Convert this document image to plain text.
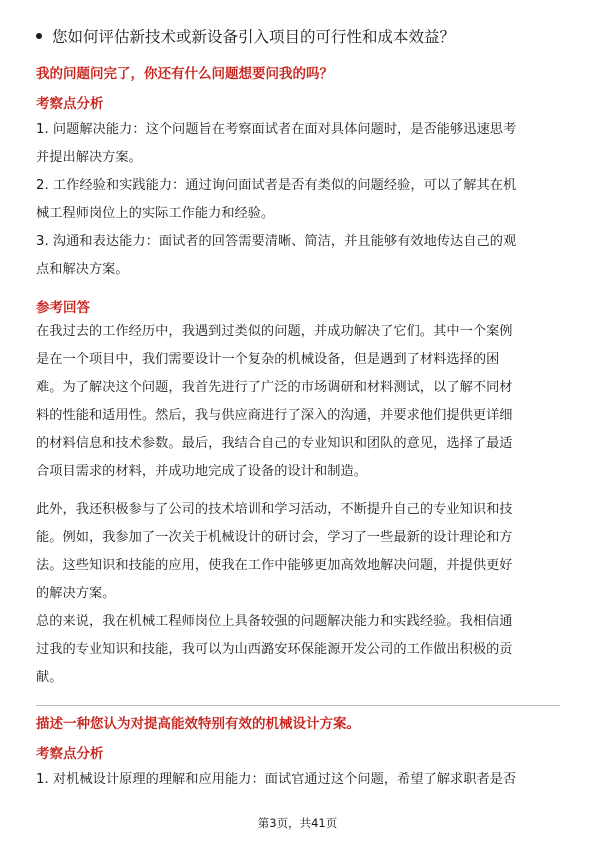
您如何评估新技术或新设备引入项目的可行性和成本效益？
我的问题问完了，你还有什么问题想要问我的吗？
考察点分析
1. 问题解决能力：这个问题旨在考察面试者在面对具体问题时，是否能够迅速思考
并提出解决方案。
2. 工作经验和实践能力：通过询问面试者是否有类似的问题经验，可以了解其在机
械工程师岗位上的实际工作能力和经验。
3. 沟通和表达能力：面试者的回答需要清晰、简洁，并且能够有效地传达自己的观
点和解决方案。
参考回答
在我过去的工作经历中，我遇到过类似的问题，并成功解决了它们。其中一个案例
是在一个项目中，我们需要设计一个复杂的机械设备，但是遇到了材料选择的困
难。为了解决这个问题，我首先进行了广泛的市场调研和材料测试，以了解不同材
料的性能和适用性。然后，我与供应商进行了深入的沟通，并要求他们提供更详细
的材料信息和技术参数。最后，我结合自己的专业知识和团队的意见，选择了最适
合项目需求的材料，并成功地完成了设备的设计和制造。
此外，我还积极参与了公司的技术培训和学习活动，不断提升自己的专业知识和技
能。例如，我参加了一次关于机械设计的研讨会，学习了一些最新的设计理论和方
法。这些知识和技能的应用，使我在工作中能够更加高效地解决问题，并提供更好
的解决方案。
总的来说，我在机械工程师岗位上具备较强的问题解决能力和实践经验。我相信通
过我的专业知识和技能，我可以为山西潞安环保能源开发公司的工作做出积极的贡
献。
描述一种您认为对提高能效特别有效的机械设计方案。
考察点分析
1. 对机械设计原理的理解和应用能力：面试官通过这个问题，希望了解求职者是否
第3页，共41页
